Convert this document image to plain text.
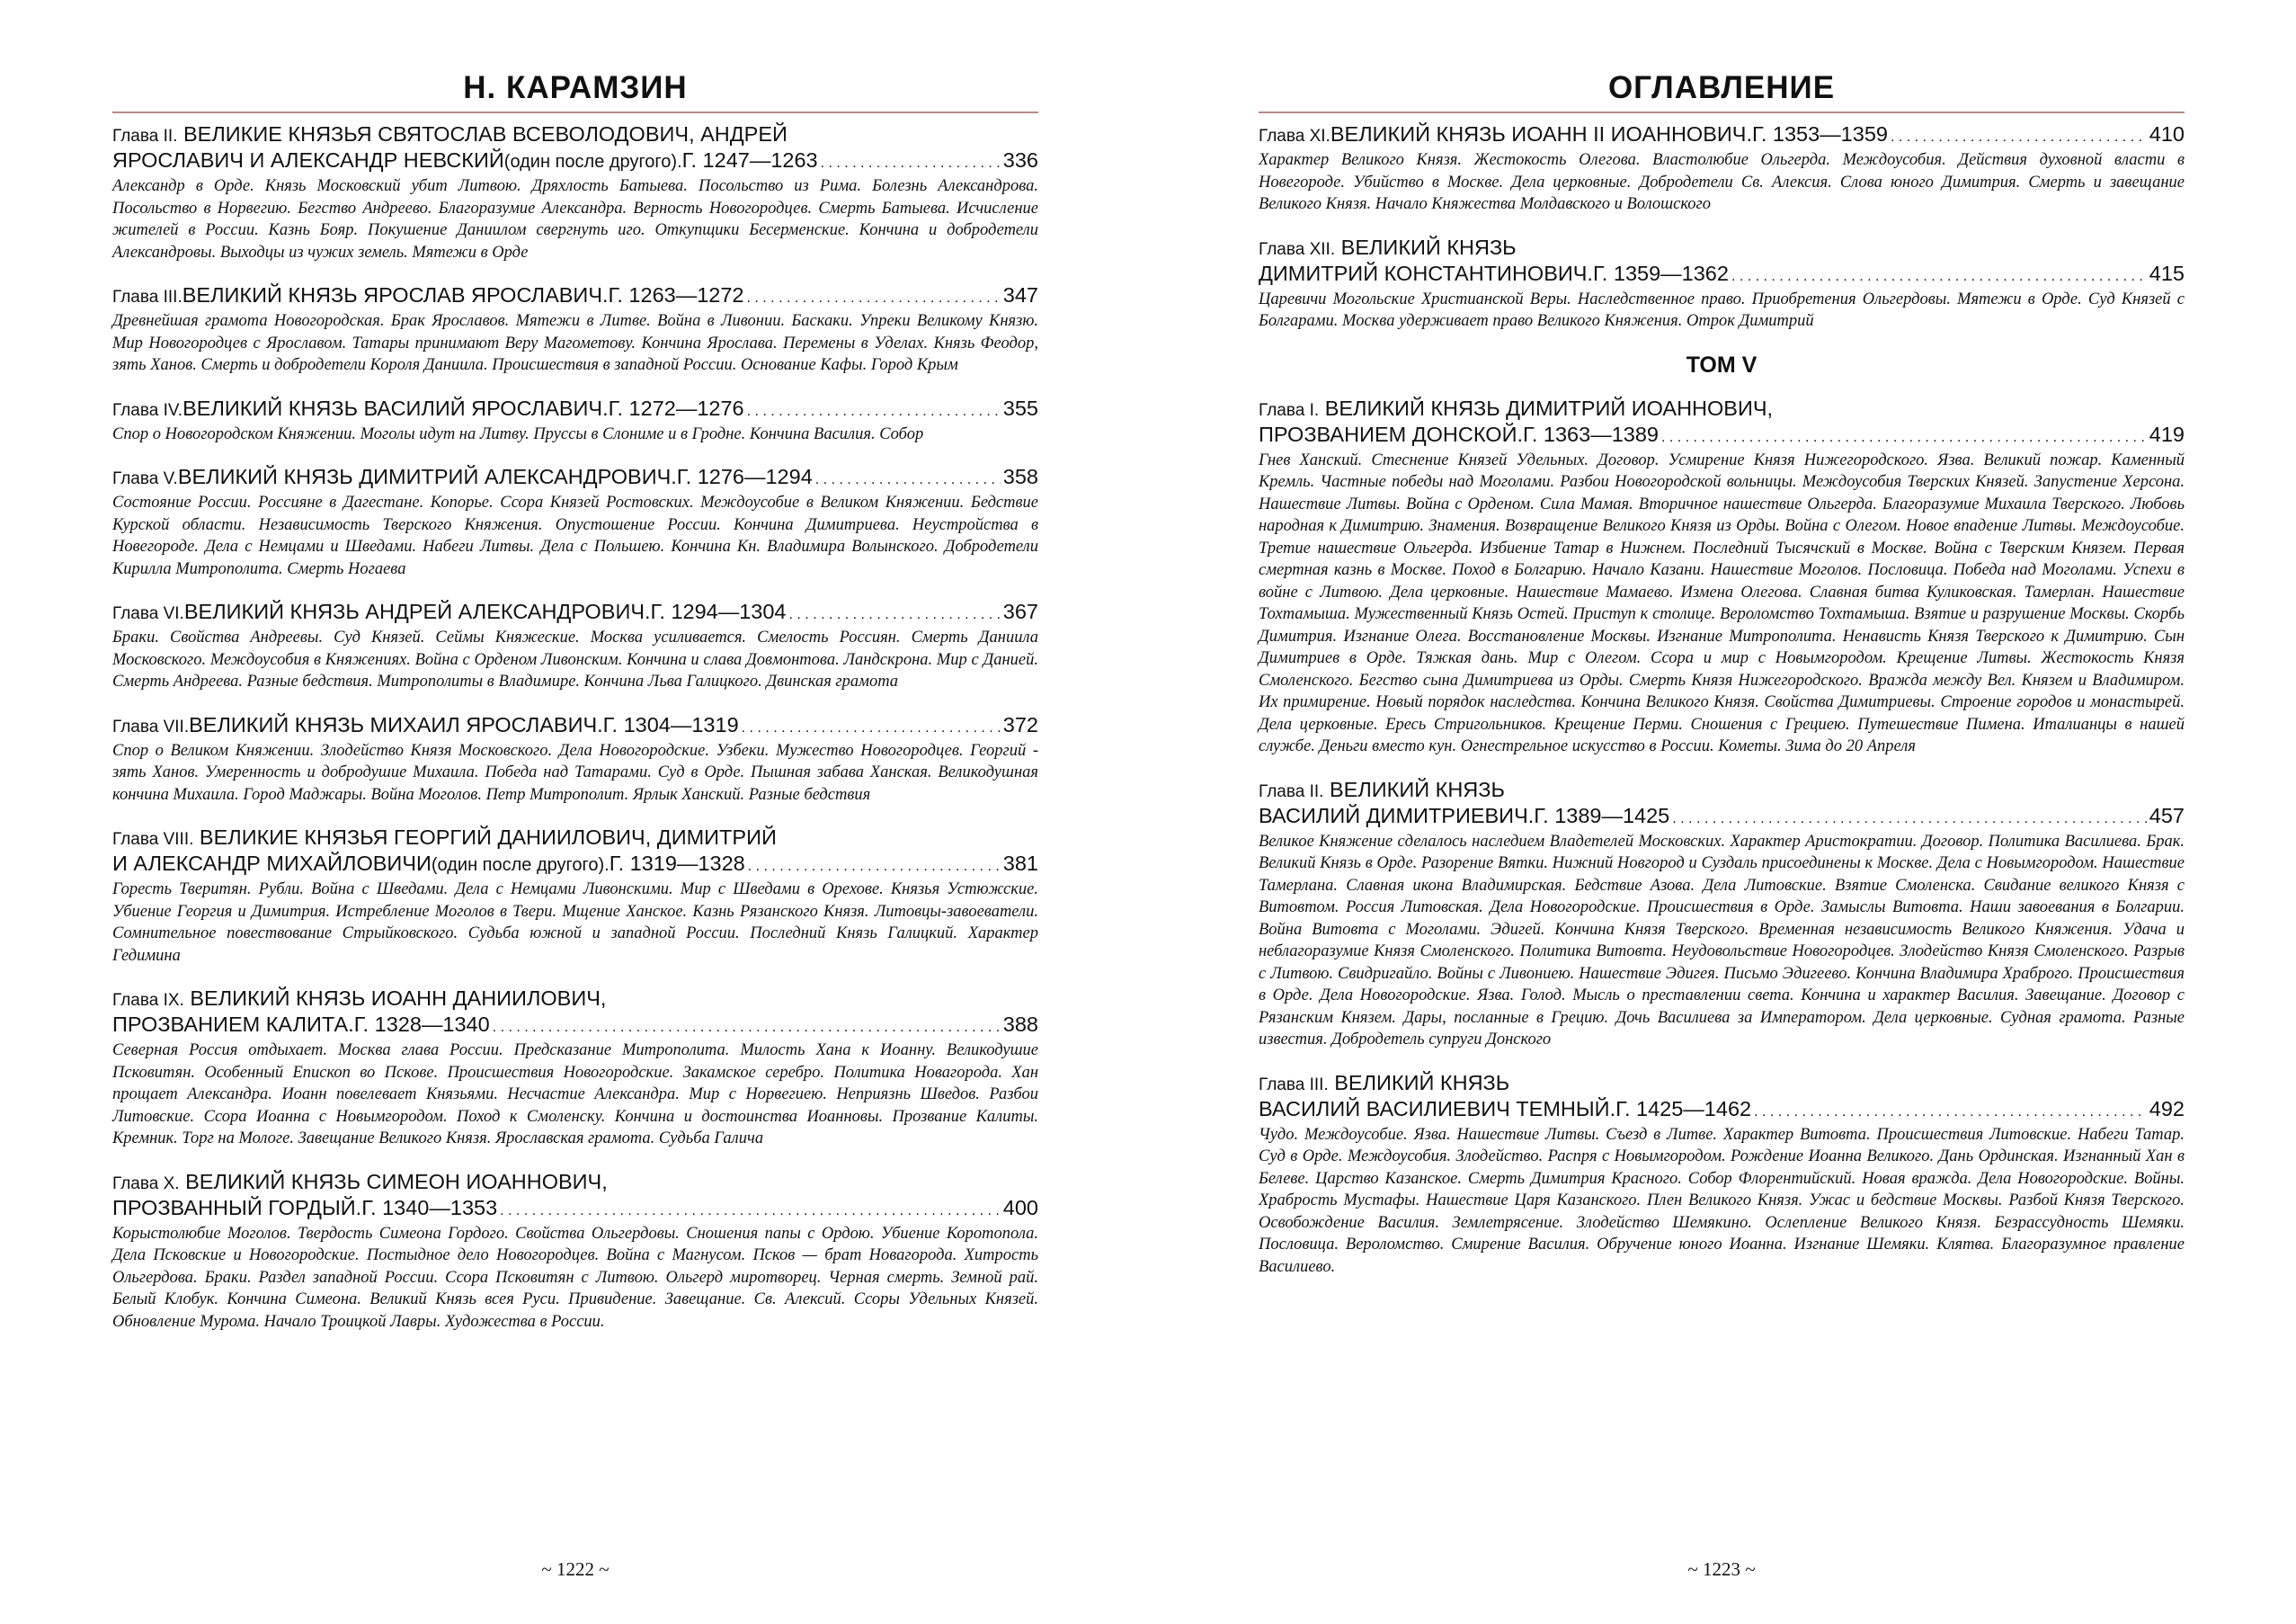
Н. КАРАМЗИН
Глава II. ВЕЛИКИЕ КНЯЗЬЯ СВЯТОСЛАВ ВСЕВОЛОДОВИЧ, АНДРЕЙ
ЯРОСЛАВИЧ И АЛЕКСАНДР НЕВСКИЙ (один после другого). Г. 1247—1263 . . .	336
Александр в Орде. Князь Московский убит Литвою. Дряхлость Батыева. Посольство из Рима. Болезнь Александрова. Посольство в Норвегию. Бегство Андреево. Благоразумие Александра. Верность Новогородцев. Смерть Батыева. Исчисление жителей в России. Казнь Бояр. Покушение Даниилом свергнуть иго. Откупщики Бесерменские. Кончина и добродетели Александровы. Выходцы из чужих земель. Мятежи в Орде
Глава III. ВЕЛИКИЙ КНЯЗЬ ЯРОСЛАВ ЯРОСЛАВИЧ. Г. 1263—1272 . . .	347
Древнейшая грамота Новогородская. Брак Ярославов. Мятежи в Литве. Война в Ливонии. Баскаки. Упреки Великому Князю. Мир Новогородцев с Ярославом. Татары принимают Веру Магометову. Кончина Ярослава. Перемены в Уделах. Князь Феодор, зять Ханов. Смерть и добродетели Короля Даниила. Происшествия в западной России. Основание Кафы. Город Крым
Глава IV. ВЕЛИКИЙ КНЯЗЬ ВАСИЛИЙ ЯРОСЛАВИЧ. Г. 1272—1276 . . .	355
Спор о Новогородском Княжении. Моголы идут на Литву. Пруссы в Слониме и в Гродне. Кончина Василия. Собор
Глава V. ВЕЛИКИЙ КНЯЗЬ ДИМИТРИЙ АЛЕКСАНДРОВИЧ. Г. 1276—1294 . . .	358
Состояние России. Россияне в Дагестане. Копорье. Ссора Князей Ростовских. Междоусобие в Великом Княжении. Бедствие Курской области. Независимость Тверского Княжения. Опустошение России. Кончина Димитриева. Неустройства в Новегороде. Дела с Немцами и Шведами. Набеги Литвы. Дела с Польшею. Кончина Кн. Владимира Волынского. Добродетели Кирилла Митрополита. Смерть Ногаева
Глава VI. ВЕЛИКИЙ КНЯЗЬ АНДРЕЙ АЛЕКСАНДРОВИЧ. Г. 1294—1304 . . .	367
Браки. Свойства Андреевы. Суд Князей. Сеймы Княжеские. Москва усиливается. Смелость Россиян. Смерть Даниила Московского. Междоусобия в Княжениях. Война с Орденом Ливонским. Кончина и слава Довмонтова. Ландскрона. Мир с Данией. Смерть Андреева. Разные бедствия. Митрополиты в Владимире. Кончина Льва Галицкого. Двинская грамота
Глава VII. ВЕЛИКИЙ КНЯЗЬ МИХАИЛ ЯРОСЛАВИЧ. Г. 1304—1319 . . .	372
Спор о Великом Княжении. Злодейство Князя Московского. Дела Новогородские. Узбеки. Мужество Новогородцев. Георгий - зять Ханов. Умеренность и добродушие Михаила. Победа над Татарами. Суд в Орде. Пышная забава Ханская. Великодушная кончина Михаила. Город Маджары. Война Моголов. Петр Митрополит. Ярлык Ханский. Разные бедствия
Глава VIII. ВЕЛИКИЕ КНЯЗЬЯ ГЕОРГИЙ ДАНИИЛОВИЧ, ДИМИТРИЙ
И АЛЕКСАНДР МИХАЙЛОВИЧИ (один после другого). Г. 1319—1328 . . .	381
Горесть Тверитян. Рубли. Война с Шведами. Дела с Немцами Ливонскими. Мир с Шведами в Орехове. Князья Устюжские. Убиение Георгия и Димитрия. Истребление Моголов в Твери. Мщение Ханское. Казнь Рязанского Князя. Литовцы-завоеватели. Сомнительное повествование Стрыйковского. Судьба южной и западной России. Последний Князь Галицкий. Характер Гедимина
Глава IX. ВЕЛИКИЙ КНЯЗЬ ИОАНН ДАНИИЛОВИЧ,
ПРОЗВАНИЕМ КАЛИТА. Г. 1328—1340 . . .	388
Северная Россия отдыхает. Москва глава России. Предсказание Митрополита. Милость Хана к Иоанну. Великодушие Псковитян. Особенный Епископ во Пскове. Происшествия Новогородские. Закамское серебро. Политика Новагорода. Хан прощает Александра. Иоанн повелевает Князьями. Несчастие Александра. Мир с Норвегиею. Неприязнь Шведов. Разбои Литовские. Ссора Иоанна с Новымгородом. Поход к Смоленску. Кончина и достоинства Иоанновы. Прозвание Калиты. Кремник. Торг на Мологе. Завещание Великого Князя. Ярославская грамота. Судьба Галича
Глава X. ВЕЛИКИЙ КНЯЗЬ СИМЕОН ИОАННОВИЧ,
ПРОЗВАННЫЙ ГОРДЫЙ. Г. 1340—1353 . . .	400
Корыстолюбие Моголов. Твердость Симеона Гордого. Свойства Ольгердовы. Сношения папы с Ордою. Убиение Коротопола. Дела Псковские и Новогородские. Постыдное дело Новогородцев. Война с Магнусом. Псков — брат Новагорода. Хитрость Ольгердова. Браки. Раздел западной России. Ссора Псковитян с Литвою. Ольгерд миротворец. Черная смерть. Земной рай. Белый Клобук. Кончина Симеона. Великий Князь всея Руси. Привидение. Завещание. Св. Алексий. Ссоры Удельных Князей. Обновление Мурома. Начало Троицкой Лавры. Художества в России.
~ 1222 ~
ОГЛАВЛЕНИЕ
Глава XI. ВЕЛИКИЙ КНЯЗЬ ИОАНН II ИОАННОВИЧ. Г. 1353—1359 . . .	410
Характер Великого Князя. Жестокость Олегова. Властолюбие Ольгерда. Междоусобия. Действия духовной власти в Новегороде. Убийство в Москве. Дела церковные. Добродетели Св. Алексия. Слова юного Димитрия. Смерть и завещание Великого Князя. Начало Княжества Молдавского и Волошского
Глава XII. ВЕЛИКИЙ КНЯЗЬ
ДИМИТРИЙ КОНСТАНТИНОВИЧ. Г. 1359—1362 . . .	415
Царевичи Могольские Христианской Веры. Наследственное право. Приобретения Ольгердовы. Мятежи в Орде. Суд Князей с Болгарами. Москва удерживает право Великого Княжения. Отрок Димитрий
ТОМ V
Глава I. ВЕЛИКИЙ КНЯЗЬ ДИМИТРИЙ ИОАННОВИЧ,
ПРОЗВАНИЕМ ДОНСКОЙ. Г. 1363—1389 . . .	419
Гнев Ханский. Стеснение Князей Удельных. Договор. Усмирение Князя Нижегородского. Язва. Великий пожар. Каменный Кремль. Частные победы над Моголами. Разбои Новогородской вольницы. Междоусобия Тверских Князей. Запустение Херсона. Нашествие Литвы. Война с Орденом. Сила Мамая. Вторичное нашествие Ольгерда. Благоразумие Михаила Тверского. Любовь народная к Димитрию. Знамения. Возвращение Великого Князя из Орды. Война с Олегом. Новое впадение Литвы. Междоусобие. Третие нашествие Ольгерда. Избиение Татар в Нижнем. Последний Тысячский в Москве. Война с Тверским Князем. Первая смертная казнь в Москве. Поход в Болгарию. Начало Казани. Нашествие Моголов. Пословица. Победа над Моголами. Успехи в войне с Литвою. Дела церковные. Нашествие Мамаево. Измена Олегова. Славная битва Куликовская. Тамерлан. Нашествие Тохтамыша. Мужественный Князь Остей. Приступ к столице. Вероломство Тохтамыша. Взятие и разрушение Москвы. Скорбь Димитрия. Изгнание Олега. Восстановление Москвы. Изгнание Митрополита. Ненависть Князя Тверского к Димитрию. Сын Димитриев в Орде. Тяжкая дань. Мир с Олегом. Ссора и мир с Новымгородом. Крещение Литвы. Жестокость Князя Смоленского. Бегство сына Димитриева из Орды. Смерть Князя Нижегородского. Вражда между Вел. Князем и Владимиром. Их примирение. Новый порядок наследства. Кончина Великого Князя. Свойства Димитриевы. Строение городов и монастырей. Дела церковные. Ересь Стригольников. Крещение Перми. Сношения с Грециею. Путешествие Пимена. Италианцы в нашей службе. Деньги вместо кун. Огнестрельное искусство в России. Кометы. Зима до 20 Апреля
Глава II. ВЕЛИКИЙ КНЯЗЬ
ВАСИЛИЙ ДИМИТРИЕВИЧ. Г. 1389—1425 . . .	457
Великое Княжение сделалось наследием Владетелей Московских. Характер Аристократии. Договор. Политика Василиева. Брак. Великий Князь в Орде. Разорение Вятки. Нижний Новгород и Суздаль присоединены к Москве. Дела с Новымгородом. Нашествие Тамерлана. Славная икона Владимирская. Бедствие Азова. Дела Литовские. Взятие Смоленска. Свидание великого Князя с Витовтом. Россия Литовская. Дела Новогородские. Происшествия в Орде. Замыслы Витовта. Наши завоевания в Болгарии. Война Витовта с Моголами. Эдигей. Кончина Князя Тверского. Временная независимость Великого Княжения. Удача и неблагоразумие Князя Смоленского. Политика Витовта. Неудовольствие Новогородцев. Злодейство Князя Смоленского. Разрыв с Литвою. Свидригайло. Войны с Ливониею. Нашествие Эдигея. Письмо Эдигеево. Кончина Владимира Храброго. Происшествия в Орде. Дела Новогородские. Язва. Голод. Мысль о преставлении света. Кончина и характер Василия. Завещание. Договор с Рязанским Князем. Дары, посланные в Грецию. Дочь Василиева за Императором. Дела церковные. Судная грамота. Разные известия. Добродетель супруги Донского
Глава III. ВЕЛИКИЙ КНЯЗЬ
ВАСИЛИЙ ВАСИЛИЕВИЧ ТЕМНЫЙ. Г. 1425—1462 . . .	492
Чудо. Междоусобие. Язва. Нашествие Литвы. Съезд в Литве. Характер Витовта. Происшествия Литовские. Набеги Татар. Суд в Орде. Междоусобия. Злодейство. Распря с Новымгородом. Рождение Иоанна Великого. Дань Ординская. Изгнанный Хан в Белеве. Царство Казанское. Смерть Димитрия Красного. Собор Флорентийский. Новая вражда. Дела Новогородские. Войны. Храбрость Мустафы. Нашествие Царя Казанского. Плен Великого Князя. Ужас и бедствие Москвы. Разбой Князя Тверского. Освобождение Василия. Землетрясение. Злодейство Шемякино. Ослепление Великого Князя. Безрассудность Шемяки. Пословица. Вероломство. Смирение Василия. Обручение юного Иоанна. Изгнание Шемяки. Клятва. Благоразумное правление Василиево.
~ 1223 ~
